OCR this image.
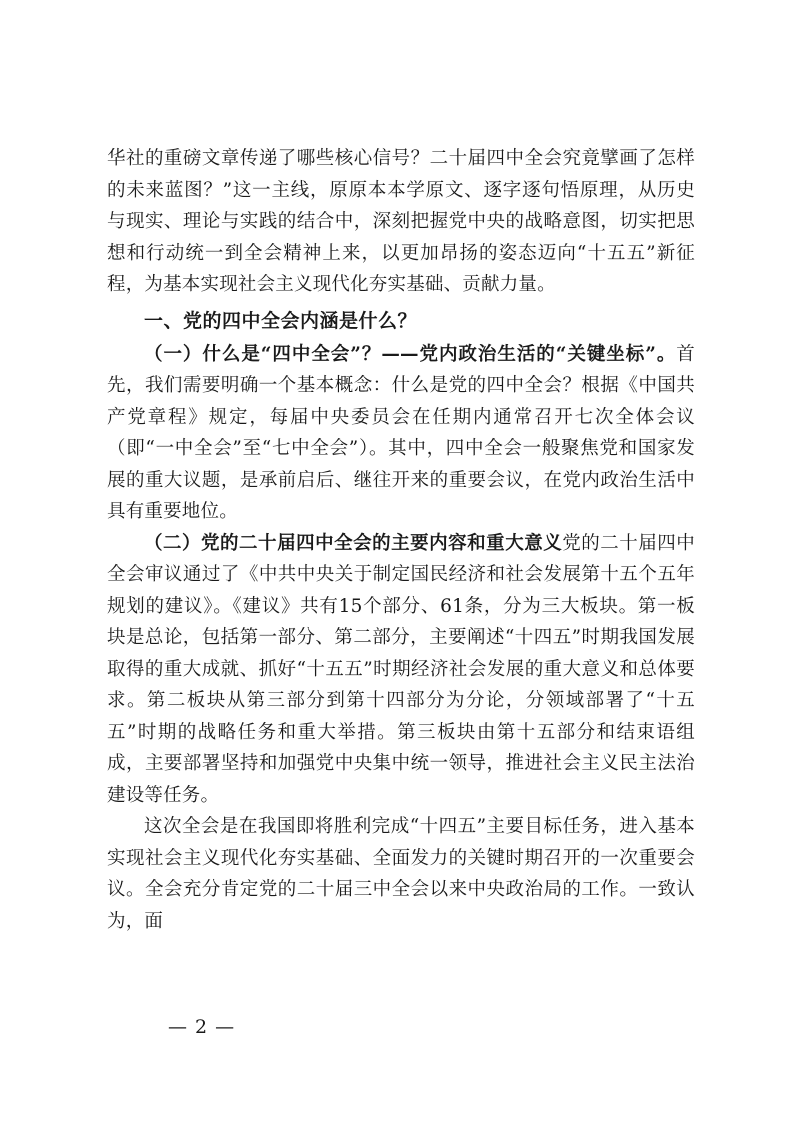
华社的重磅文章传递了哪些核心信号？二十届四中全会究竟擘画了怎样的未来蓝图？”这一主线，原原本本学原文、逐字逐句悟原理，从历史与现实、理论与实践的结合中，深刻把握党中央的战略意图，切实把思想和行动统一到全会精神上来，以更加昂扬的姿态迈向“十五五”新征程，为基本实现社会主义现代化夯实基础、贡献力量。

一、党的四中全会内涵是什么？

（一）什么是“四中全会”？——党内政治生活的“关键坐标”。首先，我们需要明确一个基本概念：什么是党的四中全会？根据《中国共产党章程》规定，每届中央委员会在任期内通常召开七次全体会议（即“一中全会”至“七中全会”）。其中，四中全会一般聚焦党和国家发展的重大议题，是承前启后、继往开来的重要会议，在党内政治生活中具有重要地位。

（二）党的二十届四中全会的主要内容和重大意义党的二十届四中全会审议通过了《中共中央关于制定国民经济和社会发展第十五个五年规划的建议》。《建议》共有15个部分、61条，分为三大板块。第一板块是总论，包括第一部分、第二部分，主要阐述“十四五”时期我国发展取得的重大成就、抓好“十五五”时期经济社会发展的重大意义和总体要求。第二板块从第三部分到第十四部分为分论，分领域部署了“十五五”时期的战略任务和重大举措。第三板块由第十五部分和结束语组成，主要部署坚持和加强党中央集中统一领导，推进社会主义民主法治建设等任务。

这次全会是在我国即将胜利完成“十四五”主要目标任务，进入基本实现社会主义现代化夯实基础、全面发力的关键时期召开的一次重要会议。全会充分肯定党的二十届三中全会以来中央政治局的工作。一致认为，面

— 2 —
